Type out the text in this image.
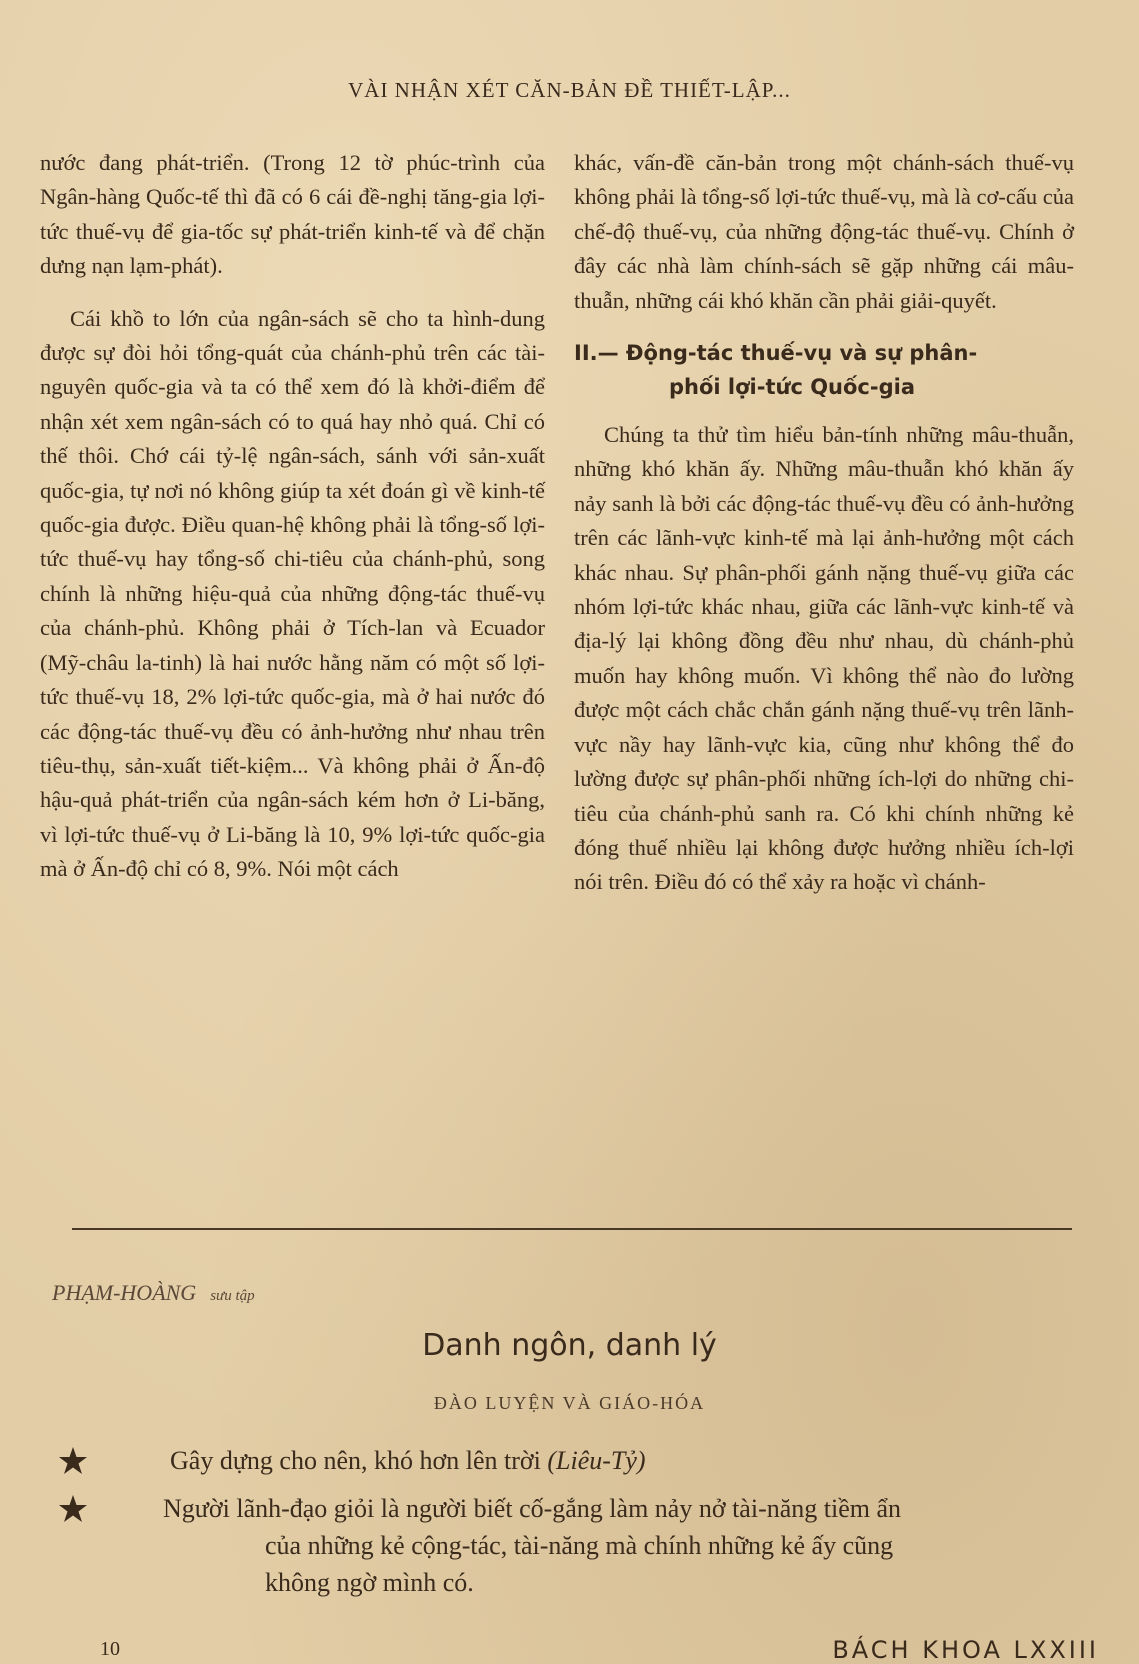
VÀI NHẬN XÉT CĂN-BẢN ĐỀ THIẾT-LẬP...

nước đang phát-triển. (Trong 12 tờ phúc-trình của Ngân-hàng Quốc-tế thì đã có 6 cái đề-nghị tăng-gia lợi-tức thuế-vụ để gia-tốc sự phát-triển kinh-tế và để chặn dưng nạn lạm-phát).

Cái khồ to lớn của ngân-sách sẽ cho ta hình-dung được sự đòi hỏi tổng-quát của chánh-phủ trên các tài-nguyên quốc-gia và ta có thể xem đó là khởi-điểm để nhận xét xem ngân-sách có to quá hay nhỏ quá. Chỉ có thế thôi. Chớ cái tỷ-lệ ngân-sách, sánh với sản-xuất quốc-gia, tự nơi nó không giúp ta xét đoán gì về kinh-tế quốc-gia được. Điều quan-hệ không phải là tổng-số lợi-tức thuế-vụ hay tổng-số chi-tiêu của chánh-phủ, song chính là những hiệu-quả của những động-tác thuế-vụ của chánh-phủ. Không phải ở Tích-lan và Ecuador (Mỹ-châu la-tinh) là hai nước hằng năm có một số lợi-tức thuế-vụ 18, 2% lợi-tức quốc-gia, mà ở hai nước đó các động-tác thuế-vụ đều có ảnh-hưởng như nhau trên tiêu-thụ, sản-xuất tiết-kiệm... Và không phải ở Ấn-độ hậu-quả phát-triển của ngân-sách kém hơn ở Li-băng, vì lợi-tức thuế-vụ ở Li-băng là 10, 9% lợi-tức quốc-gia mà ở Ấn-độ chỉ có 8, 9%. Nói một cách

khác, vấn-đề căn-bản trong một chánh-sách thuế-vụ không phải là tổng-số lợi-tức thuế-vụ, mà là cơ-cấu của chế-độ thuế-vụ, của những động-tác thuế-vụ. Chính ở đây các nhà làm chính-sách sẽ gặp những cái mâu-thuẫn, những cái khó khăn cần phải giải-quyết.

II.— Động-tác thuế-vụ và sự phân-
phối lợi-tức Quốc-gia

Chúng ta thử tìm hiểu bản-tính những mâu-thuẫn, những khó khăn ấy. Những mâu-thuẫn khó khăn ấy nảy sanh là bởi các động-tác thuế-vụ đều có ảnh-hưởng trên các lãnh-vực kinh-tế mà lại ảnh-hưởng một cách khác nhau. Sự phân-phối gánh nặng thuế-vụ giữa các nhóm lợi-tức khác nhau, giữa các lãnh-vực kinh-tế và địa-lý lại không đồng đều như nhau, dù chánh-phủ muốn hay không muốn. Vì không thể nào đo lường được một cách chắc chắn gánh nặng thuế-vụ trên lãnh-vực nầy hay lãnh-vực kia, cũng như không thể đo lường được sự phân-phối những ích-lợi do những chi-tiêu của chánh-phủ sanh ra. Có khi chính những kẻ đóng thuế nhiều lại không được hưởng nhiều ích-lợi nói trên. Điều đó có thể xảy ra hoặc vì chánh-

PHẠM-HOÀNG sưu tập
Danh ngôn, danh lý
ĐÀO LUYỆN VÀ GIÁO-HÓA
Gây dựng cho nên, khó hơn lên trời (Liêu-Tỷ)
Người lãnh-đạo giỏi là người biết cố-gắng làm nảy nở tài-năng tiềm ẩn
của những kẻ cộng-tác, tài-năng mà chính những kẻ ấy cũng
không ngờ mình có.
10	BÁCH KHOA LXXIII
